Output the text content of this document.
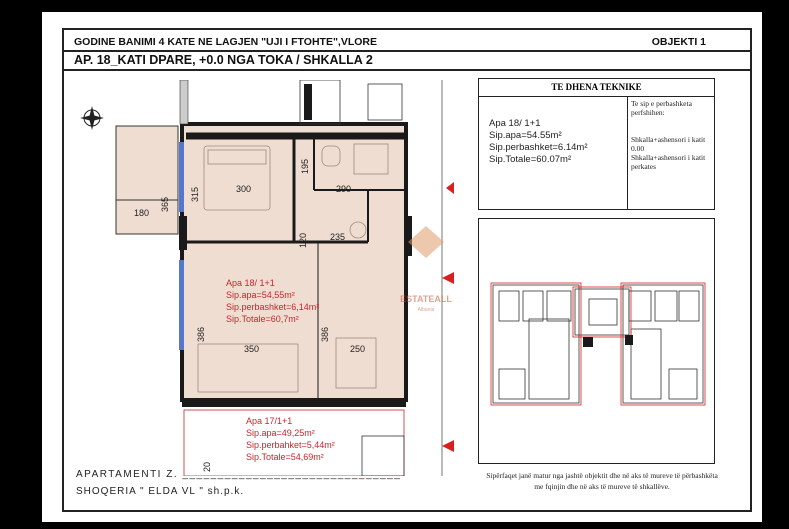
GODINE BANIMI 4 KATE NE LAGJEN "UJI I FTOHTE",VLORE	OBJEKTI 1
AP. 18_KATI DPARE, +0.0 NGA TOKA / SHKALLA 2
ESTATEALL
Albania
300
195
290
315
365
180
235
120
386	386
350	250
20
Apa 18/ 1+1
Sip.apa=54,55m²
Sip.perbashket=6,14m²
Sip.Totale=60,7m²
Apa 17/1+1
Sip.apa=49,25m²
Sip.perbahket=5,44m²
Sip.Totale=54,69m²
TE DHENA TEKNIKE
Apa 18/ 1+1
Sip.apa=54.55m²
Sip.perbashket=6.14m²
Sip.Totale=60.07m²
Te sip e perbashketa perfshihen:
Shkalla+ashensori i katit 0.00
Shkalla+ashensori i katit perkates
Sipërfaqet janë matur nga jashtë objektit dhe në aks të mureve të përbashkëta me fqinjin dhe në aks të mureve të shkallëve.
APARTAMENTI Z. _______________________________
SHOQERIA " ELDA VL " sh.p.k.
